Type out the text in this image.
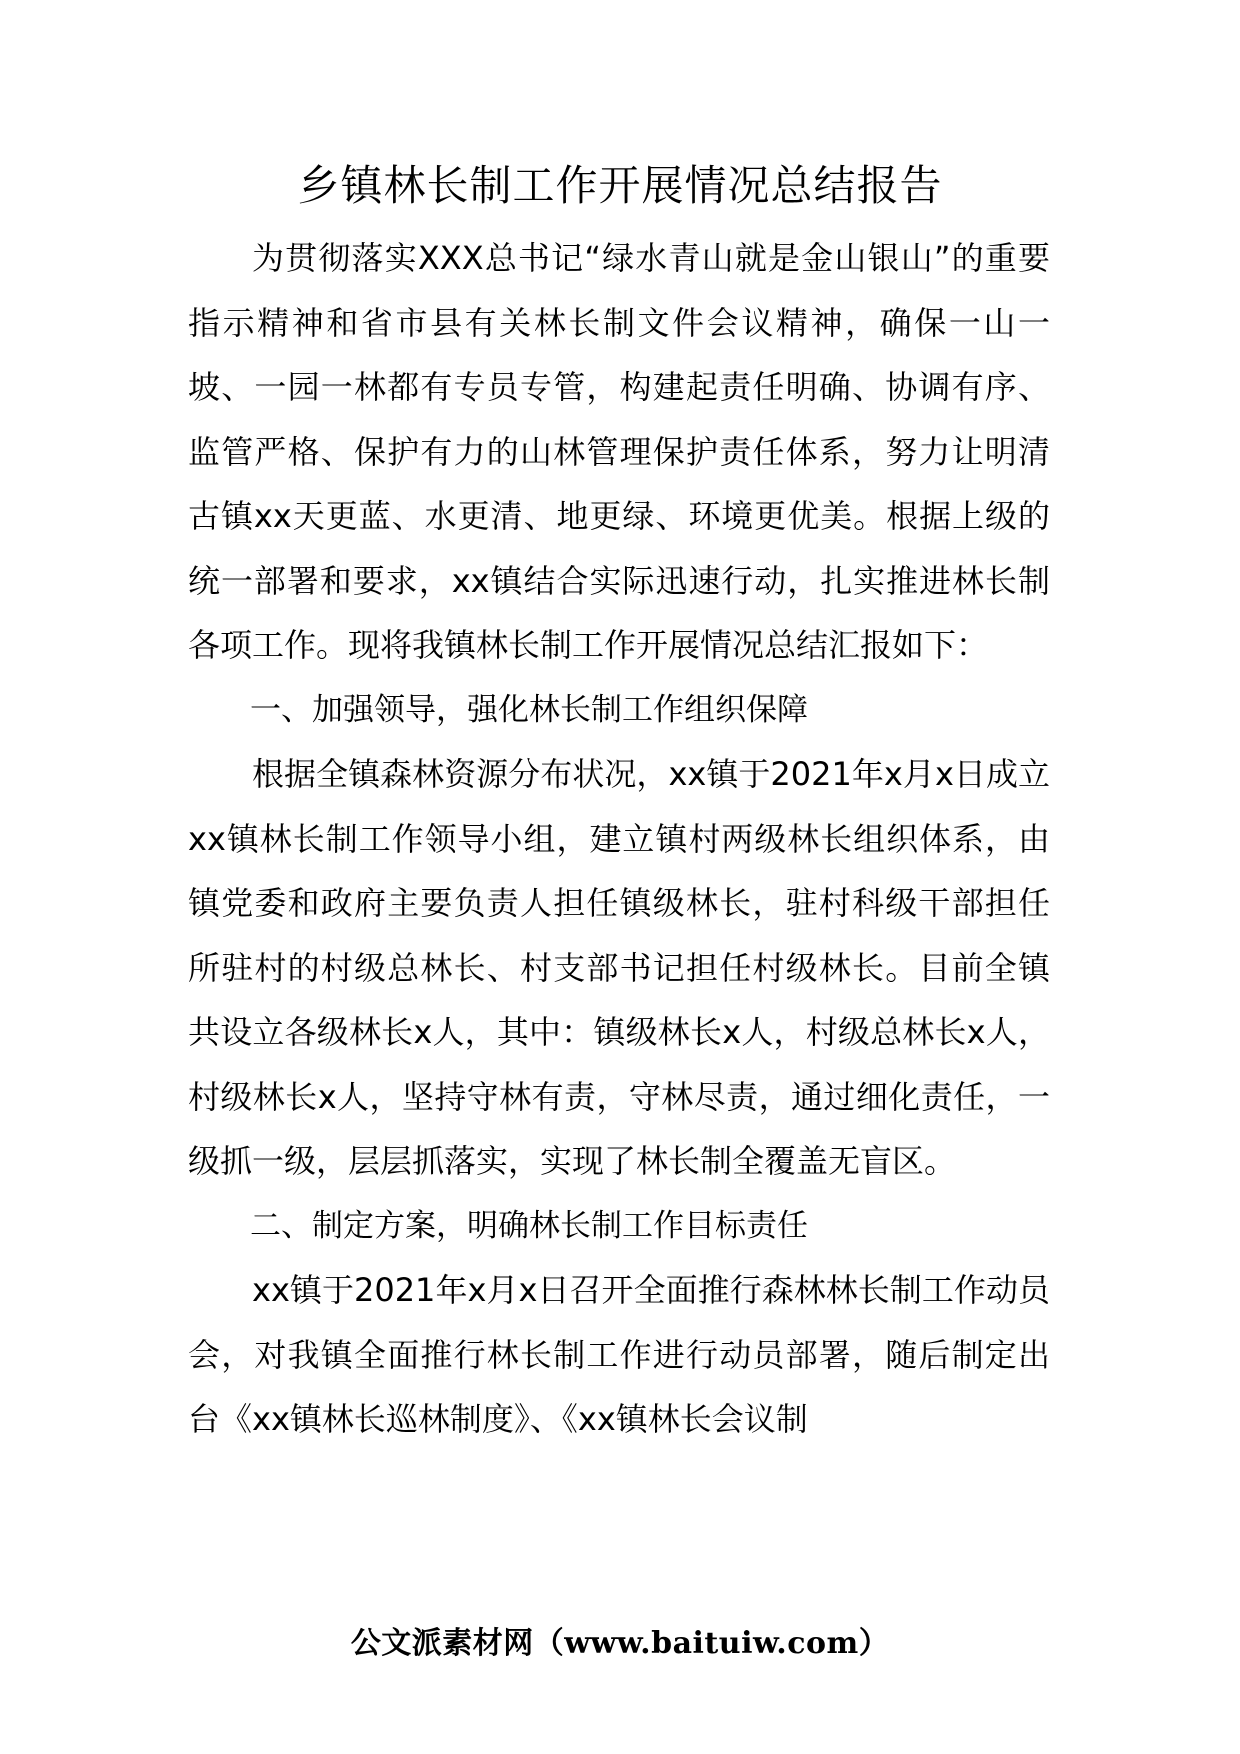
乡镇林长制工作开展情况总结报告

为贯彻落实XXX总书记“绿水青山就是金山银山”的重要指示精神和省市县有关林长制文件会议精神，确保一山一坡、一园一林都有专员专管，构建起责任明确、协调有序、监管严格、保护有力的山林管理保护责任体系，努力让明清古镇xx天更蓝、水更清、地更绿、环境更优美。根据上级的统一部署和要求，xx镇结合实际迅速行动，扎实推进林长制各项工作。现将我镇林长制工作开展情况总结汇报如下：

一、加强领导，强化林长制工作组织保障

根据全镇森林资源分布状况，xx镇于2021年x月x日成立xx镇林长制工作领导小组，建立镇村两级林长组织体系，由镇党委和政府主要负责人担任镇级林长，驻村科级干部担任所驻村的村级总林长、村支部书记担任村级林长。目前全镇共设立各级林长x人，其中：镇级林长x人，村级总林长x人，村级林长x人，坚持守林有责，守林尽责，通过细化责任，一级抓一级，层层抓落实，实现了林长制全覆盖无盲区。

二、制定方案，明确林长制工作目标责任

xx镇于2021年x月x日召开全面推行森林林长制工作动员会，对我镇全面推行林长制工作进行动员部署，随后制定出台《xx镇林长巡林制度》、《xx镇林长会议制

公文派素材网（www.baituiw.com）
